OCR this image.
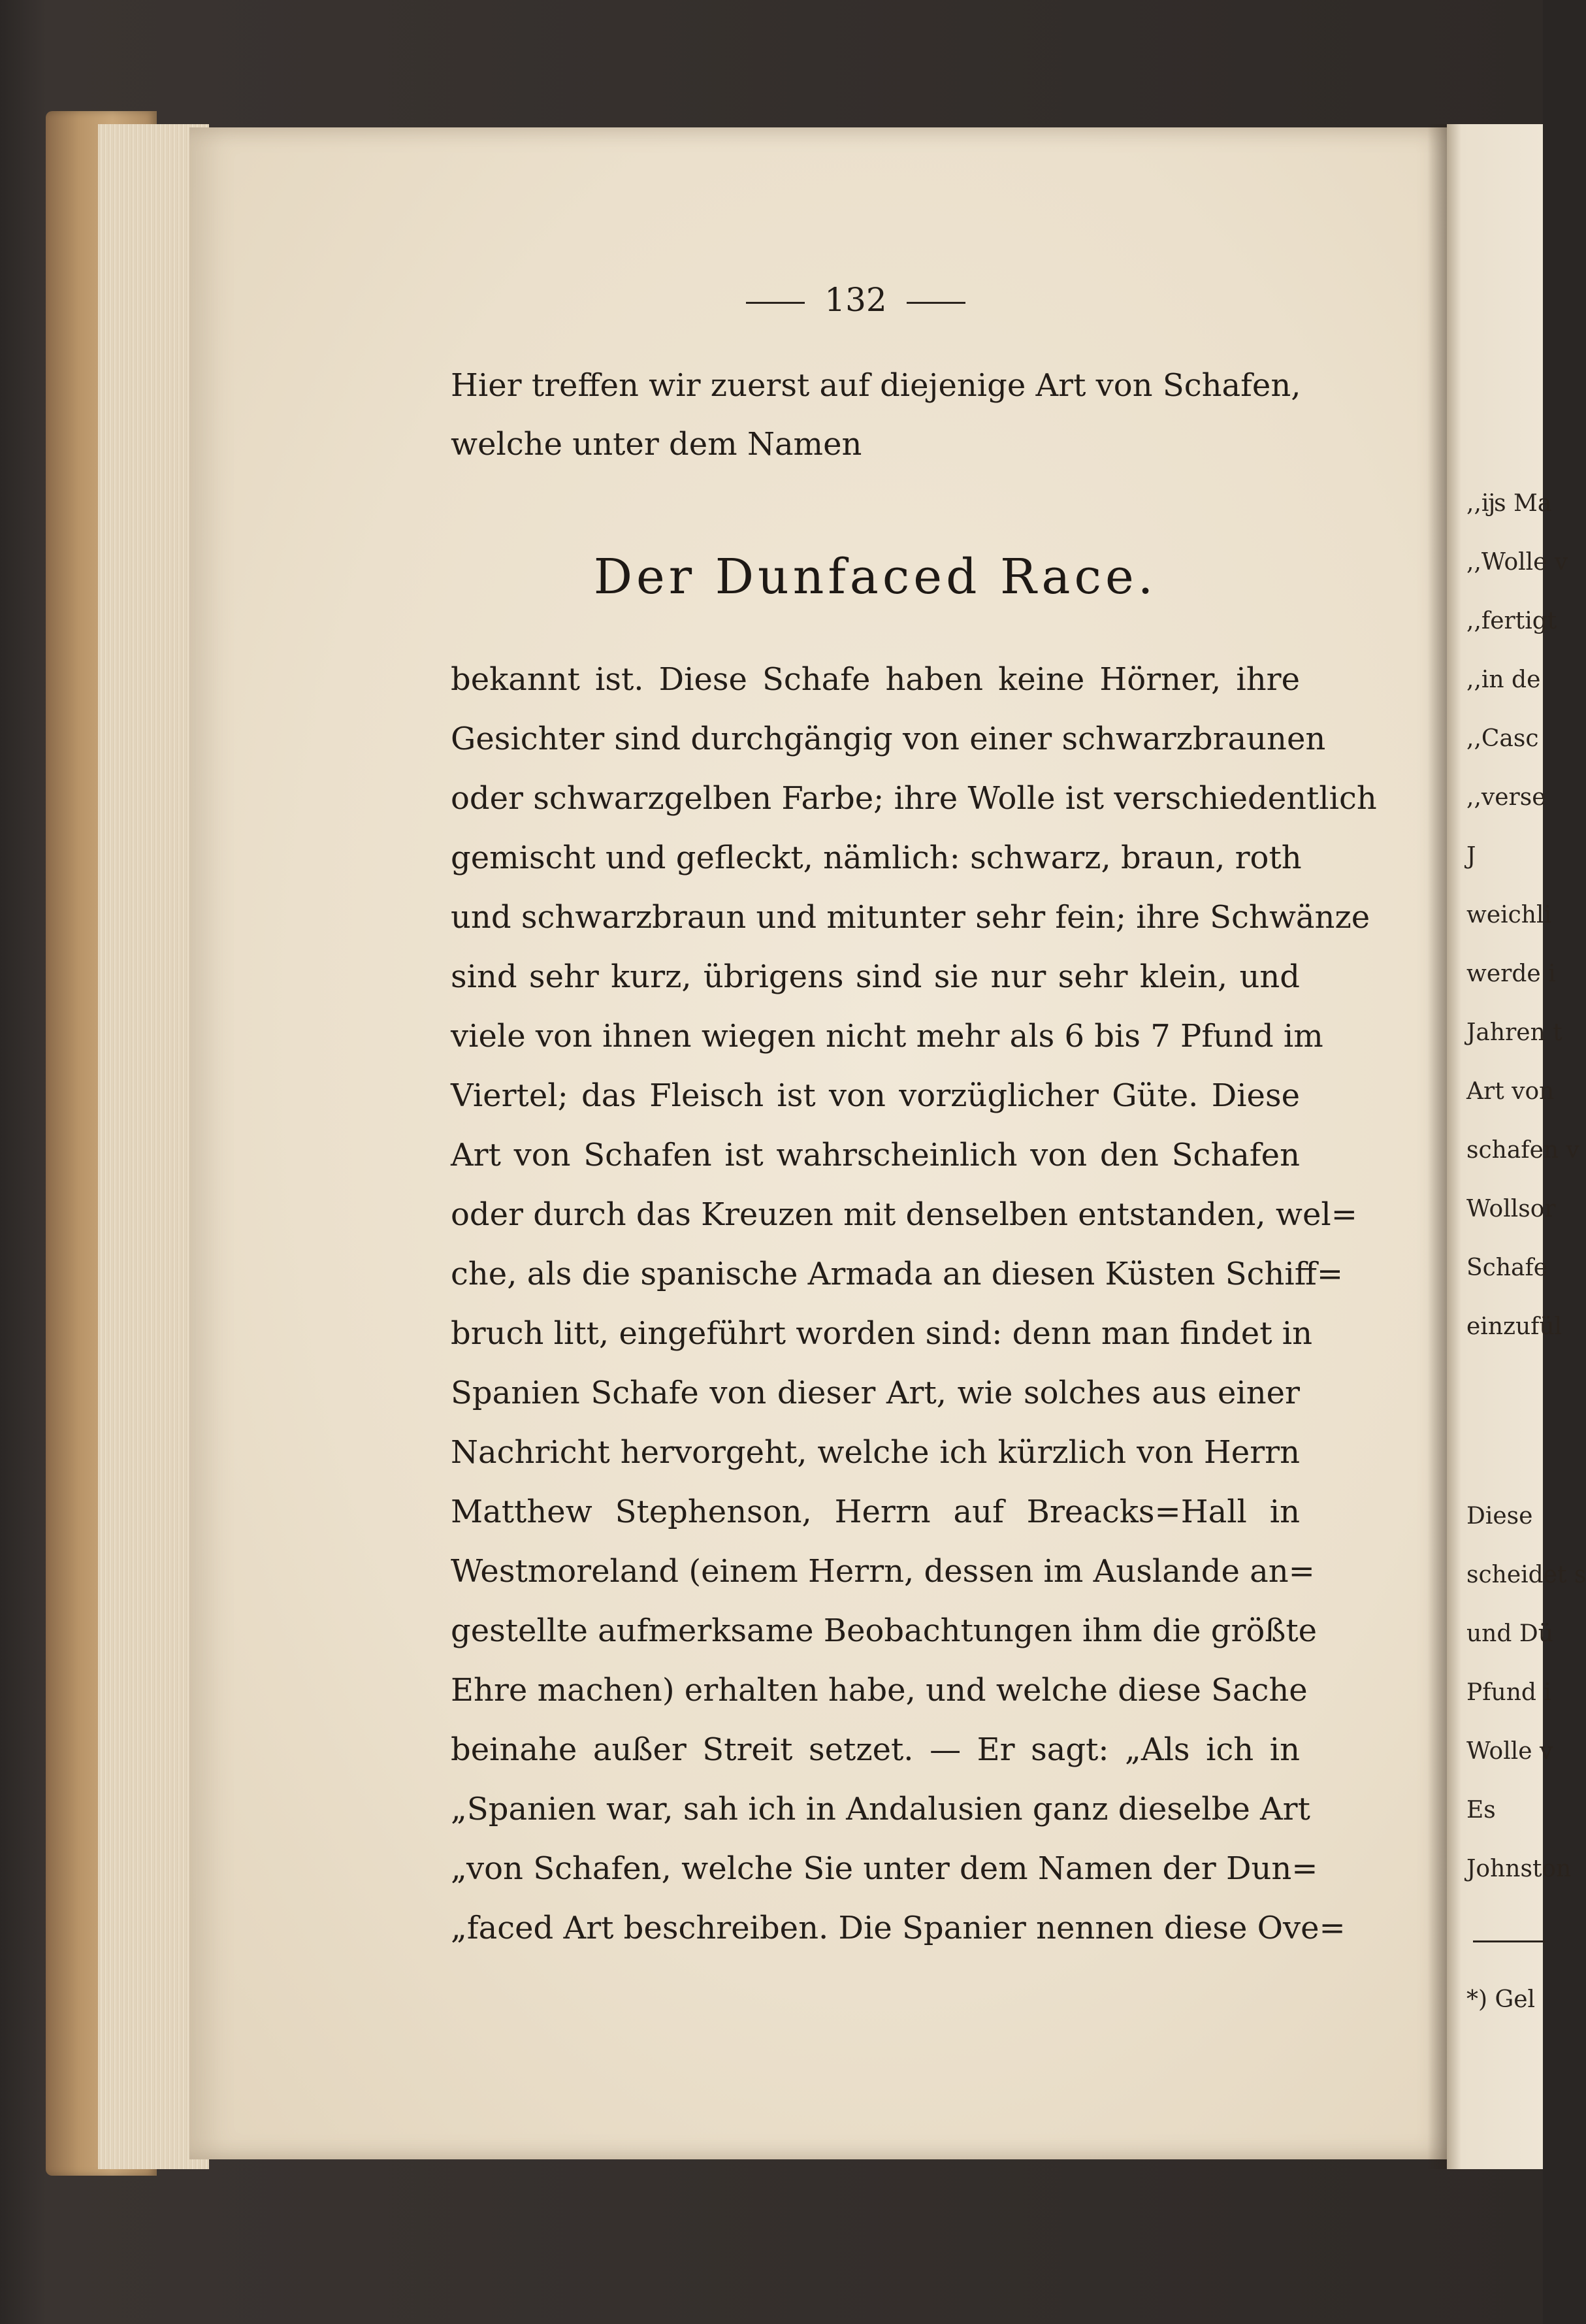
132
Hier treffen wir zuerst auf diejenige Art von Schafen,
welche unter dem Namen
Der Dunfaced Race.
bekannt ist. Diese Schafe haben keine Hörner, ihre
Gesichter sind durchgängig von einer schwarzbraunen
oder schwarzgelben Farbe; ihre Wolle ist verschiedentlich
gemischt und gefleckt, nämlich: schwarz, braun, roth
und schwarzbraun und mitunter sehr fein; ihre Schwänze
sind sehr kurz, übrigens sind sie nur sehr klein, und
viele von ihnen wiegen nicht mehr als 6 bis 7 Pfund im
Viertel; das Fleisch ist von vorzüglicher Güte. Diese
Art von Schafen ist wahrscheinlich von den Schafen
oder durch das Kreuzen mit denselben entstanden, wel=
che, als die spanische Armada an diesen Küsten Schiff=
bruch litt, eingeführt worden sind: denn man findet in
Spanien Schafe von dieser Art, wie solches aus einer
Nachricht hervorgeht, welche ich kürzlich von Herrn
Matthew Stephenson, Herrn auf Breacks=Hall in
Westmoreland (einem Herrn, dessen im Auslande an=
gestellte aufmerksame Beobachtungen ihm die größte
Ehre machen) erhalten habe, und welche diese Sache
beinahe außer Streit setzet. — Er sagt: „Als ich in
„Spanien war, sah ich in Andalusien ganz dieselbe Art
„von Schafen, welche Sie unter dem Namen der Dun=
„faced Art beschreiben. Die Spanier nennen diese Ove=
,,ĳs Ma
,,Wolle v
,,fertigt
,,in de
,,Casc
,,verse
J
weichli
werde i
Jahren t
Art von
schafen v
Wollsor
Schafe
einzufül
Diese
scheidet s
und Dü
Pfund i
Wolle v
Es
Johnston
*) Gel
